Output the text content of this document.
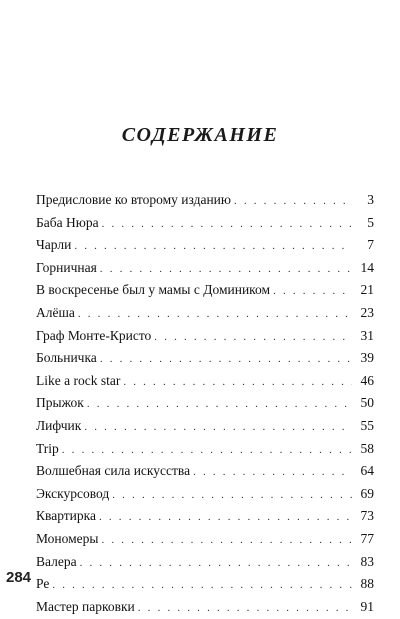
СОДЕРЖАНИЕ
Предисловие ко второму изданию . . .	3
Баба Нюра . . .	5
Чарли . . .	7
Горничная . . .	14
В воскресенье был у мамы с Домиником . . .	21
Алёша . . .	23
Граф Монте-Кристо . . .	31
Больничка . . .	39
Like a rock star . . .	46
Прыжок . . .	50
Лифчик . . .	55
Trip . . .	58
Волшебная сила искусства . . .	64
Экскурсовод . . .	69
Квартирка . . .	73
Мономеры . . .	77
Валера . . .	83
Ре . . .	88
Мастер парковки . . .	91
284
